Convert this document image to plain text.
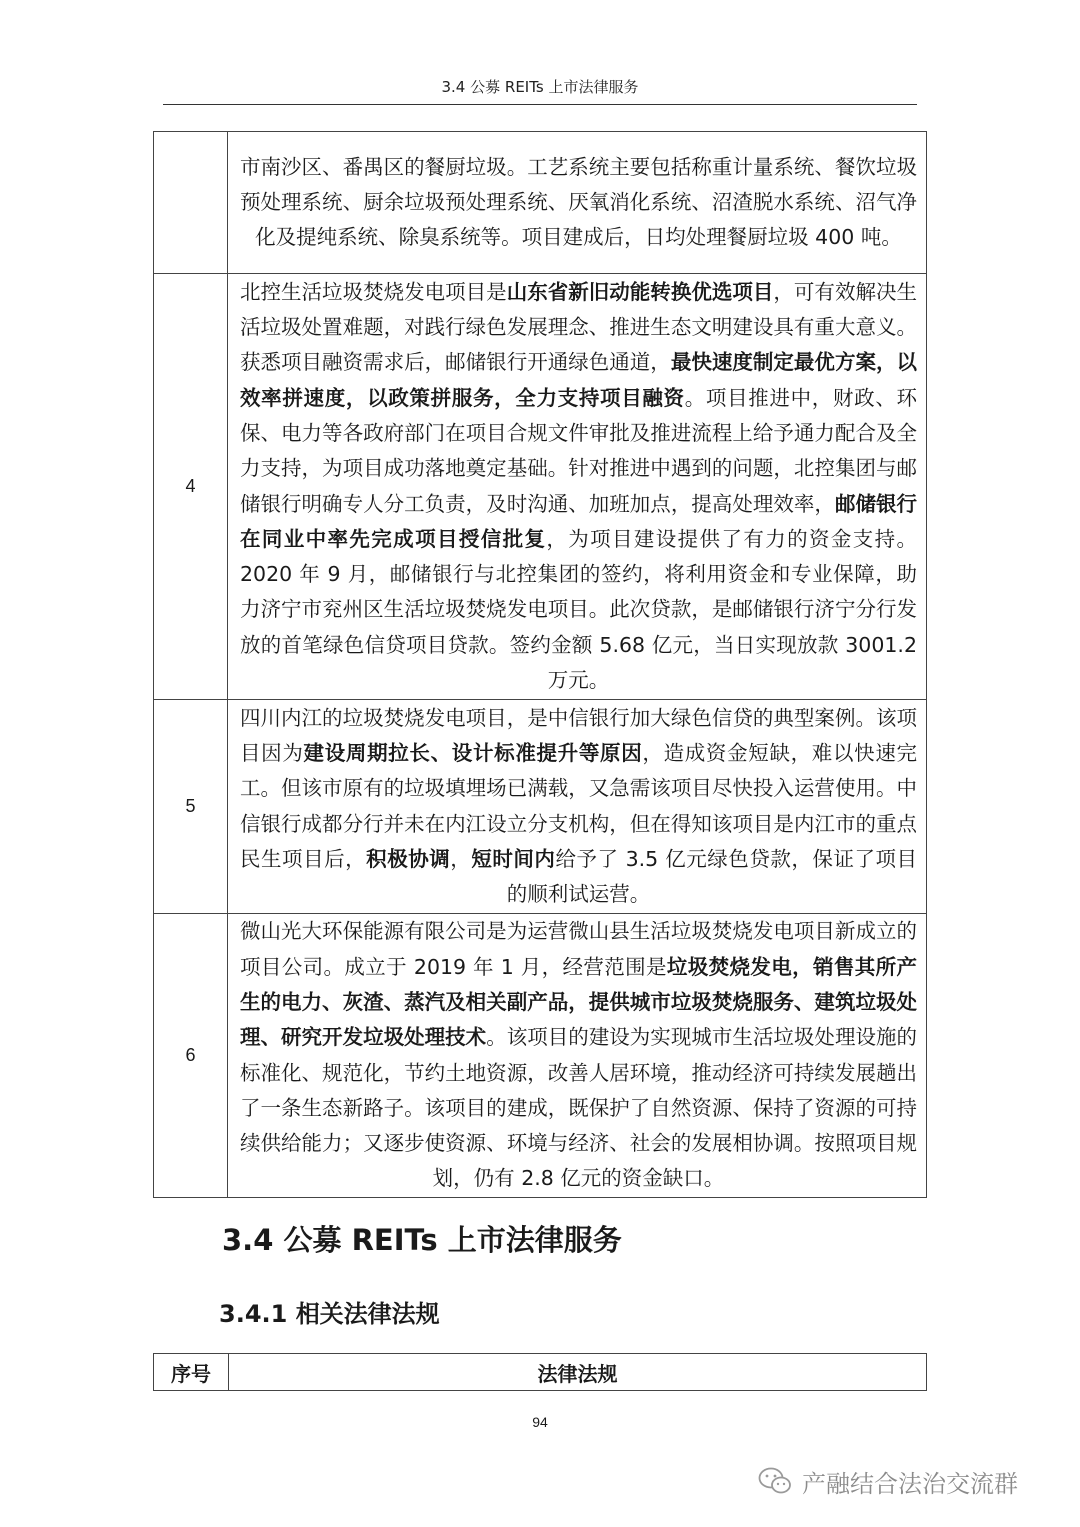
3.4 公募 REITs 上市法律服务
	市南沙区、番禺区的餐厨垃圾。工艺系统主要包括称重计量系统、餐饮垃圾预处理系统、厨余垃圾预处理系统、厌氧消化系统、沼渣脱水系统、沼气净化及提纯系统、除臭系统等。项目建成后，日均处理餐厨垃圾 400 吨。
4	北控生活垃圾焚烧发电项目是山东省新旧动能转换优选项目，可有效解决生活垃圾处置难题，对践行绿色发展理念、推进生态文明建设具有重大意义。获悉项目融资需求后，邮储银行开通绿色通道，最快速度制定最优方案，以效率拼速度，以政策拼服务，全力支持项目融资。项目推进中，财政、环保、电力等各政府部门在项目合规文件审批及推进流程上给予通力配合及全力支持，为项目成功落地奠定基础。针对推进中遇到的问题，北控集团与邮储银行明确专人分工负责，及时沟通、加班加点，提高处理效率，邮储银行在同业中率先完成项目授信批复，为项目建设提供了有力的资金支持。2020 年 9 月，邮储银行与北控集团的签约，将利用资金和专业保障，助力济宁市兖州区生活垃圾焚烧发电项目。此次贷款，是邮储银行济宁分行发放的首笔绿色信贷项目贷款。签约金额 5.68 亿元，当日实现放款 3001.2 万元。
5	四川内江的垃圾焚烧发电项目，是中信银行加大绿色信贷的典型案例。该项目因为建设周期拉长、设计标准提升等原因，造成资金短缺，难以快速完工。但该市原有的垃圾填埋场已满载，又急需该项目尽快投入运营使用。中信银行成都分行并未在内江设立分支机构，但在得知该项目是内江市的重点民生项目后，积极协调，短时间内给予了 3.5 亿元绿色贷款，保证了项目的顺利试运营。
6	微山光大环保能源有限公司是为运营微山县生活垃圾焚烧发电项目新成立的项目公司。成立于 2019 年 1 月，经营范围是垃圾焚烧发电，销售其所产生的电力、灰渣、蒸汽及相关副产品，提供城市垃圾焚烧服务、建筑垃圾处理、研究开发垃圾处理技术。该项目的建设为实现城市生活垃圾处理设施的标准化、规范化，节约土地资源，改善人居环境，推动经济可持续发展趟出了一条生态新路子。该项目的建成，既保护了自然资源、保持了资源的可持续供给能力；又逐步使资源、环境与经济、社会的发展相协调。按照项目规划，仍有 2.8 亿元的资金缺口。
3.4 公募 REITs 上市法律服务
3.4.1 相关法律法规
序号	法律法规
94
产融结合法治交流群
